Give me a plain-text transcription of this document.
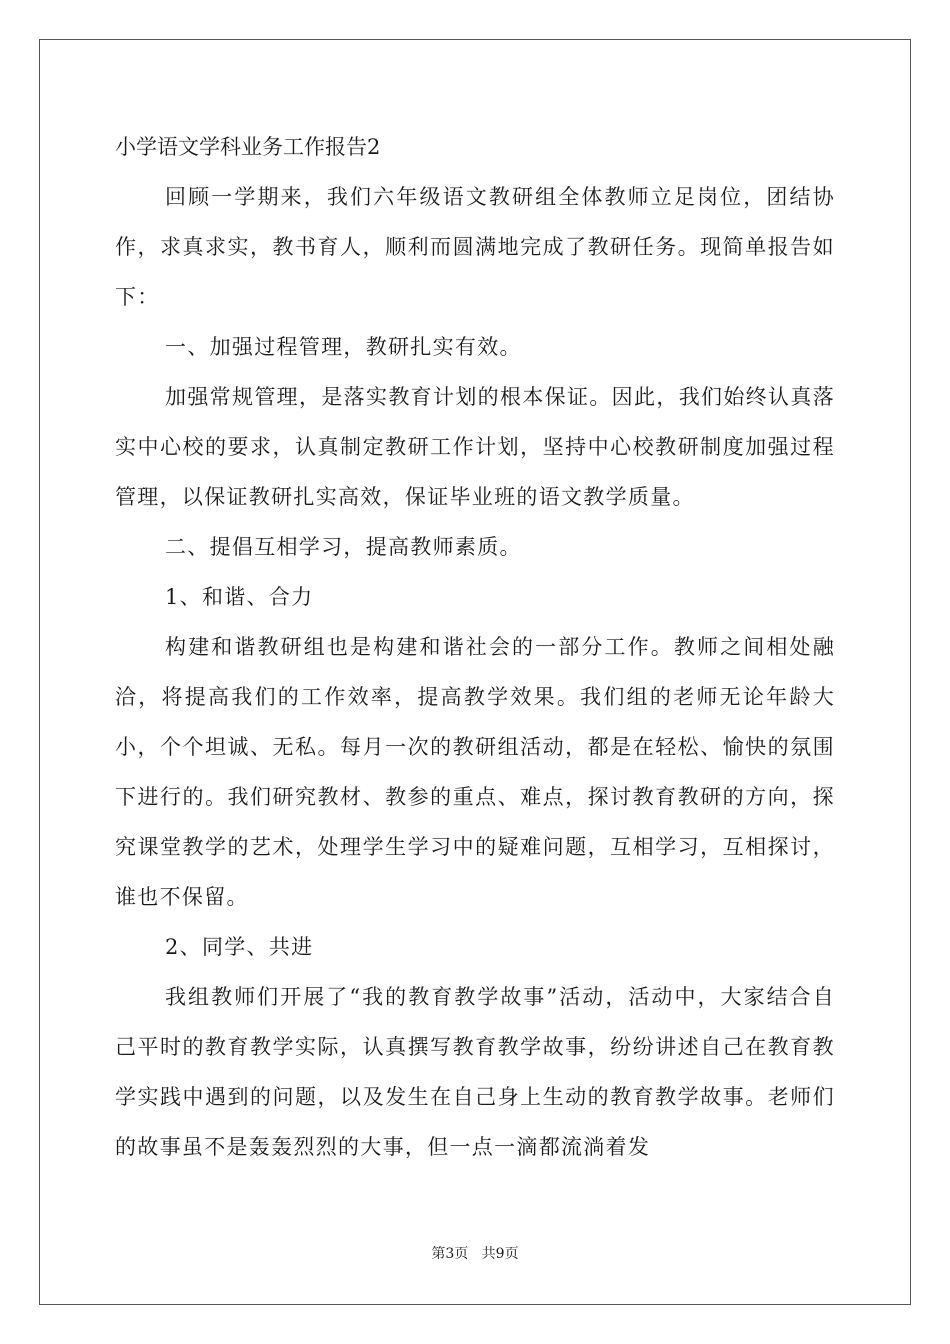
小学语文学科业务工作报告2

回顾一学期来，我们六年级语文教研组全体教师立足岗位，团结协作，求真求实，教书育人，顺利而圆满地完成了教研任务。现简单报告如下：

一、加强过程管理，教研扎实有效。

加强常规管理，是落实教育计划的根本保证。因此，我们始终认真落实中心校的要求，认真制定教研工作计划，坚持中心校教研制度加强过程管理，以保证教研扎实高效，保证毕业班的语文教学质量。

二、提倡互相学习，提高教师素质。

1、和谐、合力

构建和谐教研组也是构建和谐社会的一部分工作。教师之间相处融洽，将提高我们的工作效率，提高教学效果。我们组的老师无论年龄大小，个个坦诚、无私。每月一次的教研组活动，都是在轻松、愉快的氛围下进行的。我们研究教材、教参的重点、难点，探讨教育教研的方向，探究课堂教学的艺术，处理学生学习中的疑难问题，互相学习，互相探讨，谁也不保留。

2、同学、共进

我组教师们开展了“我的教育教学故事”活动，活动中，大家结合自己平时的教育教学实际，认真撰写教育教学故事，纷纷讲述自己在教育教学实践中遇到的问题，以及发生在自己身上生动的教育教学故事。老师们的故事虽不是轰轰烈烈的大事，但一点一滴都流淌着发

第3页   共9页
